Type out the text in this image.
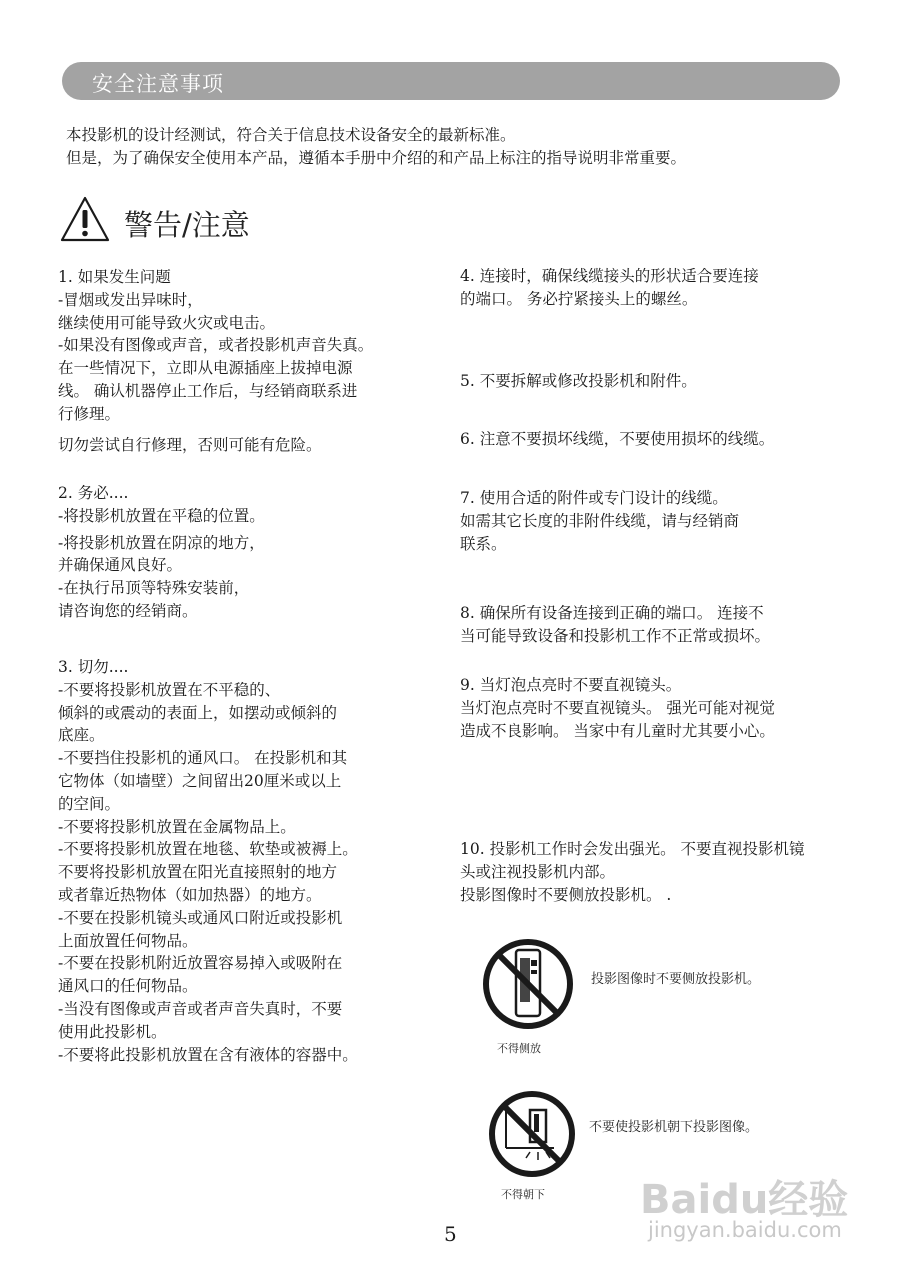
安全注意事项
本投影机的设计经测试，符合关于信息技术设备安全的最新标准。
但是，为了确保安全使用本产品，遵循本手册中介绍的和产品上标注的指导说明非常重要。
警告/注意
1. 如果发生问题
-冒烟或发出异味时，
继续使用可能导致火灾或电击。
-如果没有图像或声音，或者投影机声音失真。
在一些情况下，立即从电源插座上拔掉电源
线。 确认机器停止工作后，与经销商联系进
行修理。
切勿尝试自行修理，否则可能有危险。
2. 务必....
-将投影机放置在平稳的位置。
-将投影机放置在阴凉的地方，
并确保通风良好。
-在执行吊顶等特殊安装前，
请咨询您的经销商。
3. 切勿....
-不要将投影机放置在不平稳的、
倾斜的或震动的表面上，如摆动或倾斜的
底座。
-不要挡住投影机的通风口。 在投影机和其
它物体（如墙壁）之间留出20厘米或以上
的空间。
-不要将投影机放置在金属物品上。
-不要将投影机放置在地毯、软垫或被褥上。
不要将投影机放置在阳光直接照射的地方
或者靠近热物体（如加热器）的地方。
-不要在投影机镜头或通风口附近或投影机
上面放置任何物品。
-不要在投影机附近放置容易掉入或吸附在
通风口的任何物品。
-当没有图像或声音或者声音失真时，不要
使用此投影机。
-不要将此投影机放置在含有液体的容器中。
4. 连接时，确保线缆接头的形状适合要连接
的端口。 务必拧紧接头上的螺丝。
5. 不要拆解或修改投影机和附件。
6. 注意不要损坏线缆，不要使用损坏的线缆。
7. 使用合适的附件或专门设计的线缆。
如需其它长度的非附件线缆，请与经销商
联系。
8. 确保所有设备连接到正确的端口。 连接不
当可能导致设备和投影机工作不正常或损坏。
9. 当灯泡点亮时不要直视镜头。
当灯泡点亮时不要直视镜头。 强光可能对视觉
造成不良影响。 当家中有儿童时尤其要小心。
10. 投影机工作时会发出强光。 不要直视投影机镜
头或注视投影机内部。
投影图像时不要侧放投影机。 .
投影图像时不要侧放投影机。
不得侧放
不要使投影机朝下投影图像。
不得朝下
5
Baidu经验
jingyan.baidu.com
